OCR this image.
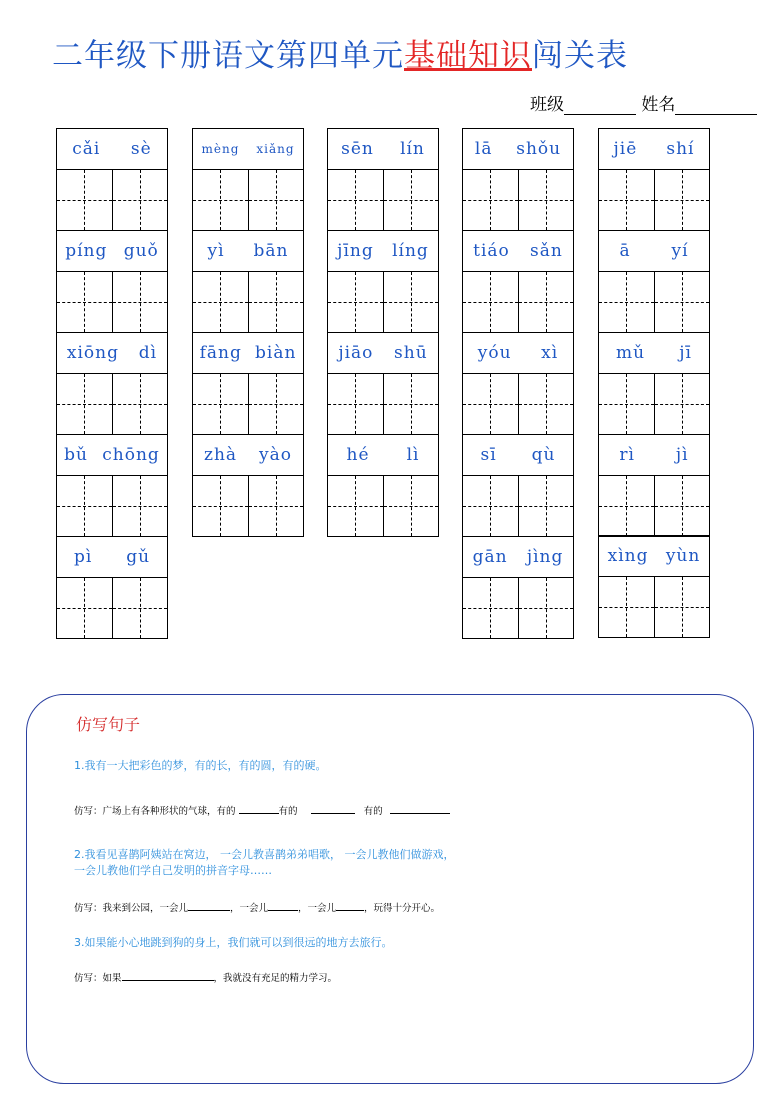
二年级下册语文第四单元基础知识闯关表
班级	姓名
cǎi sè
píng guǒ
xiōng dì
bǔ chōng
pì gǔ
mèng xiǎng
yì bān
fāng biàn
zhà yào
sēn lín
jīng líng
jiāo shū
hé lì
lā shǒu
tiáo sǎn
yóu xì
sī qù
gān jìng
jiē shí
ā yí
mǔ jī
rì jì
xìng yùn
仿写句子
1.我有一大把彩色的梦，有的长，有的圆，有的硬。
仿写：广场上有各种形状的气球，有的	有的	有的
2.我看见喜鹊阿姨站在窝边， 一会儿教喜鹊弟弟唱歌， 一会儿教他们做游戏，
一会儿教他们学自己发明的拼音字母……
仿写：我来到公园，一会儿	，一会儿	，一会儿	，玩得十分开心。
3.如果能小心地跳到狗的身上，我们就可以到很远的地方去旅行。
仿写：如果	，我就没有充足的精力学习。
